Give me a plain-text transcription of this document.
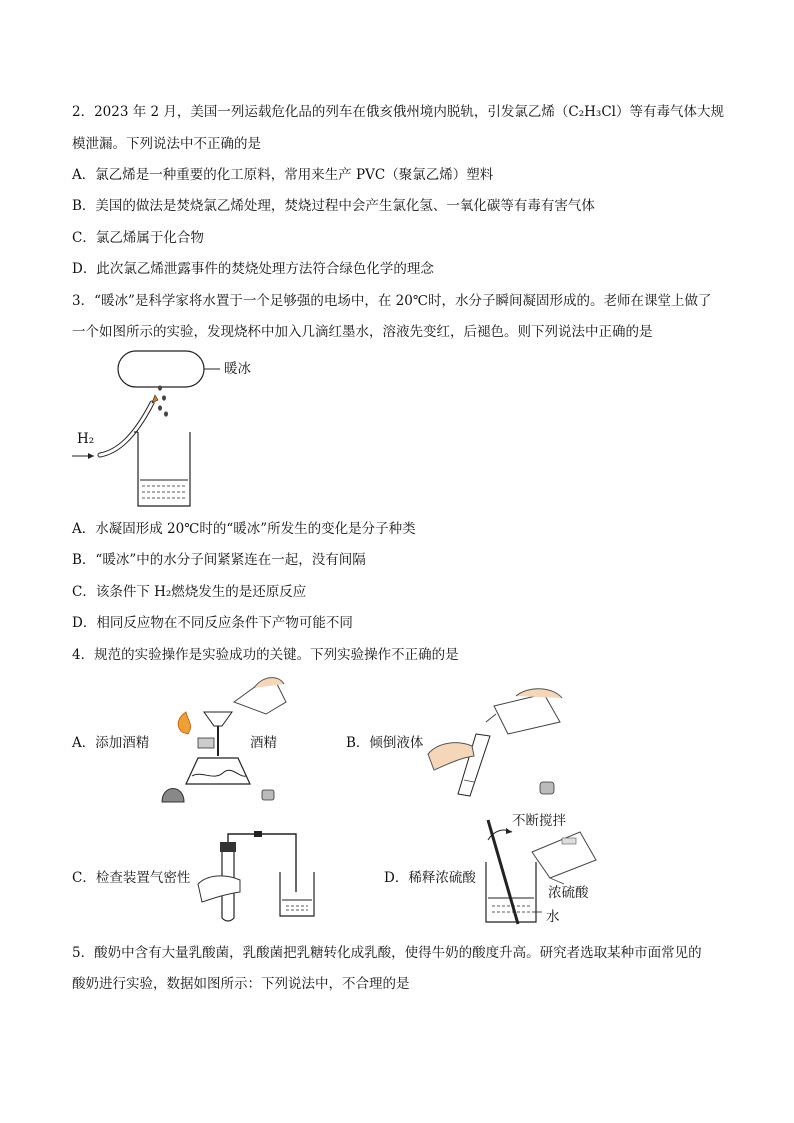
2．2023 年 2 月，美国一列运载危化品的列车在俄亥俄州境内脱轨，引发氯乙烯（C₂H₃Cl）等有毒气体大规
模泄漏。下列说法中不正确的是
A．氯乙烯是一种重要的化工原料，常用来生产 PVC（聚氯乙烯）塑料
B．美国的做法是焚烧氯乙烯处理，焚烧过程中会产生氯化氢、一氧化碳等有毒有害气体
C．氯乙烯属于化合物
D．此次氯乙烯泄露事件的焚烧处理方法符合绿色化学的理念
3．“暖冰”是科学家将水置于一个足够强的电场中，在 20℃时，水分子瞬间凝固形成的。老师在课堂上做了
一个如图所示的实验，发现烧杯中加入几滴红墨水，溶液先变红，后褪色。则下列说法中正确的是
暖冰
H₂
A．水凝固形成 20℃时的“暖冰”所发生的变化是分子种类
B．“暖冰”中的水分子间紧紧连在一起，没有间隔
C．该条件下 H₂燃烧发生的是还原反应
D．相同反应物在不同反应条件下产物可能不同
4．规范的实验操作是实验成功的关键。下列实验操作不正确的是
A．添加酒精	酒精	B．倾倒液体
C．检查装置气密性	D．稀释浓硫酸
不断搅拌
浓硫酸
水
5．酸奶中含有大量乳酸菌，乳酸菌把乳糖转化成乳酸，使得牛奶的酸度升高。研究者选取某种市面常见的
酸奶进行实验，数据如图所示：下列说法中，不合理的是
